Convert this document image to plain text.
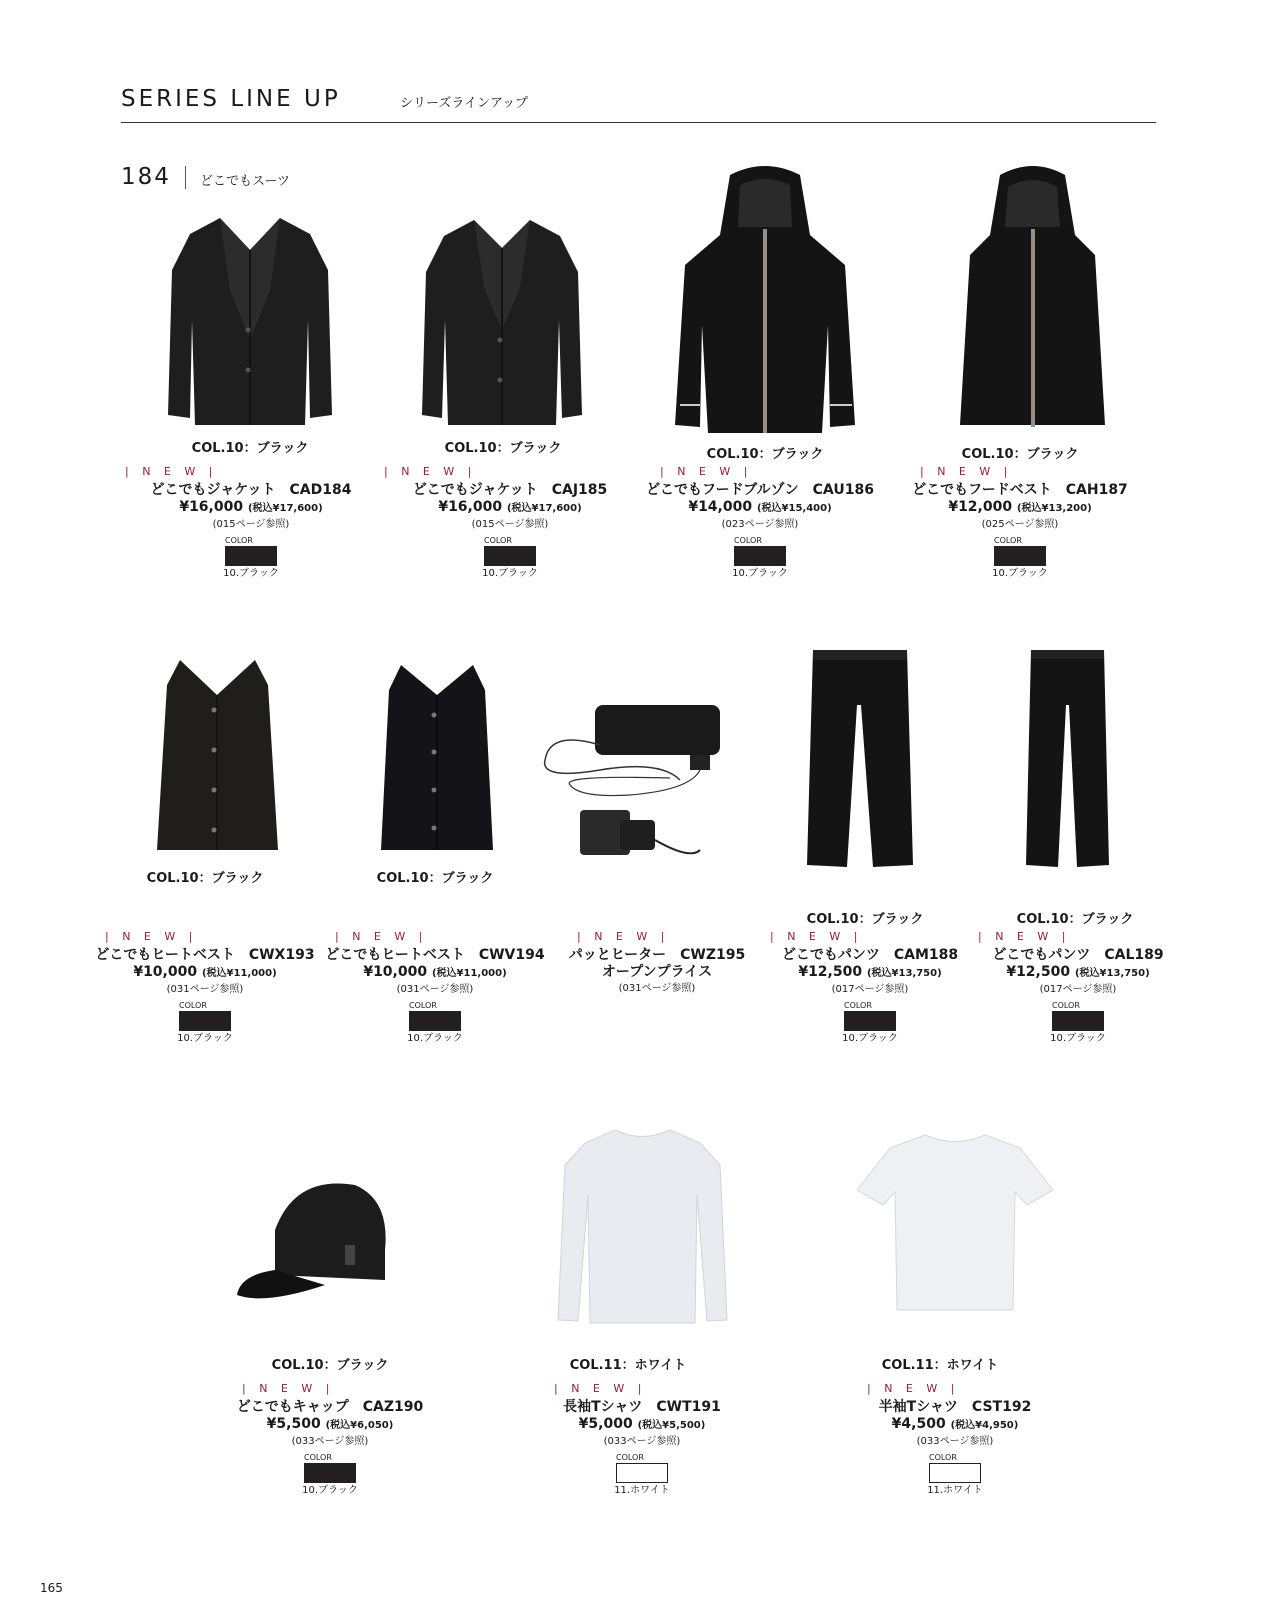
SERIES LINE UP	シリーズラインアップ
184 どこでもスーツ
COL.10：ブラック
| N E W |
どこでもジャケット　CAD184
¥16,000 (税込¥17,600)
(015ページ参照)
COLOR
10.ブラック
COL.10：ブラック
| N E W |
どこでもジャケット　CAJ185
¥16,000 (税込¥17,600)
(015ページ参照)
COLOR
10.ブラック
COL.10：ブラック
| N E W |
どこでもフードブルゾン　CAU186
¥14,000 (税込¥15,400)
(023ページ参照)
COLOR
10.ブラック
COL.10：ブラック
| N E W |
どこでもフードベスト　CAH187
¥12,000 (税込¥13,200)
(025ページ参照)
COLOR
10.ブラック
COL.10：ブラック
| N E W |
どこでもヒートベスト　CWX193
¥10,000 (税込¥11,000)
(031ページ参照)
COLOR
10.ブラック
COL.10：ブラック
| N E W |
どこでもヒートベスト　CWV194
¥10,000 (税込¥11,000)
(031ページ参照)
COLOR
10.ブラック
| N E W |
パッとヒーター　CWZ195
オープンプライス
(031ページ参照)
COL.10：ブラック
| N E W |
どこでもパンツ　CAM188
¥12,500 (税込¥13,750)
(017ページ参照)
COLOR
10.ブラック
COL.10：ブラック
| N E W |
どこでもパンツ　CAL189
¥12,500 (税込¥13,750)
(017ページ参照)
COLOR
10.ブラック
COL.10：ブラック
| N E W |
どこでもキャップ　CAZ190
¥5,500 (税込¥6,050)
(033ページ参照)
COLOR
10.ブラック
COL.11：ホワイト
| N E W |
長袖Tシャツ　CWT191
¥5,000 (税込¥5,500)
(033ページ参照)
COLOR
11.ホワイト
COL.11：ホワイト
| N E W |
半袖Tシャツ　CST192
¥4,500 (税込¥4,950)
(033ページ参照)
COLOR
11.ホワイト
165
